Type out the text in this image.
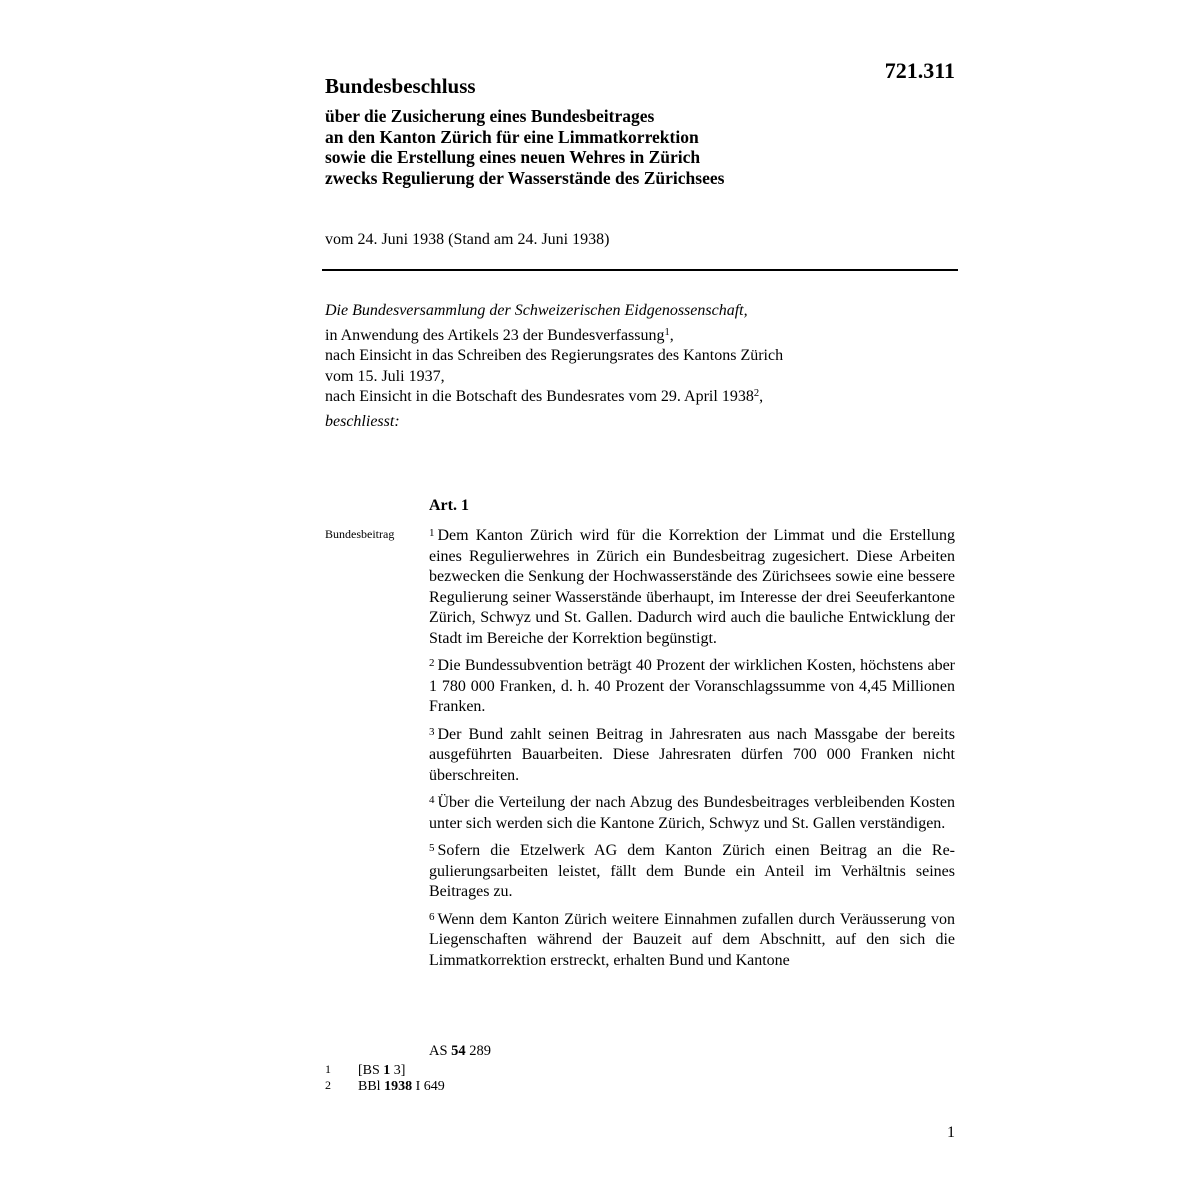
721.311
Bundesbeschluss
über die Zusicherung eines Bundesbeitrages
an den Kanton Zürich für eine Limmatkorrektion
sowie die Erstellung eines neuen Wehres in Zürich
zwecks Regulierung der Wasserstände des Zürichsees
vom 24. Juni 1938 (Stand am 24. Juni 1938)
Die Bundesversammlung der Schweizerischen Eidgenossenschaft,
in Anwendung des Artikels 23 der Bundesverfassung$^1$,
nach Einsicht in das Schreiben des Regierungsrates des Kantons Zürich
vom 15. Juli 1937,
nach Einsicht in die Botschaft des Bundesrates vom 29. April 1938$^2$,
beschliesst:
Art. 1
Bundesbeitrag	$^1$ Dem Kanton Zürich wird für die Korrektion der Limmat und die Erstellung eines Regulierwehres in Zürich ein Bundesbeitrag zugesichert. Diese Arbeiten bezwecken die Senkung der Hochwasserstände des Zürichsees sowie eine bessere Regulierung seiner Wasserstände überhaupt, im Interesse der drei Seeuferkantone Zürich, Schwyz und St. Gallen. Dadurch wird auch die bauliche Entwicklung der Stadt im Bereiche der Korrektion begünstigt.

$^2$ Die Bundessubvention beträgt 40 Prozent der wirklichen Kosten, höchstens aber 1 780 000 Franken, d. h. 40 Prozent der Voranschlagssumme von 4,45 Millionen Franken.

$^3$ Der Bund zahlt seinen Beitrag in Jahresraten aus nach Massgabe der bereits ausgeführten Bauarbeiten. Diese Jahresraten dürfen 700 000 Franken nicht überschreiten.

$^4$ Über die Verteilung der nach Abzug des Bundesbeitrages verbleibenden Kosten unter sich werden sich die Kantone Zürich, Schwyz und St. Gallen verständigen.

$^5$ Sofern die Etzelwerk AG dem Kanton Zürich einen Beitrag an die Regulierungsarbeiten leistet, fällt dem Bunde ein Anteil im Verhältnis seines Beitrages zu.

$^6$ Wenn dem Kanton Zürich weitere Einnahmen zufallen durch Veräusserung von Liegenschaften während der Bauzeit auf dem Abschnitt, auf den sich die Limmatkorrektion erstreckt, erhalten Bund und Kantone

AS 54 289
1 [BS 1 3]
2 BBl 1938 I 649
1
